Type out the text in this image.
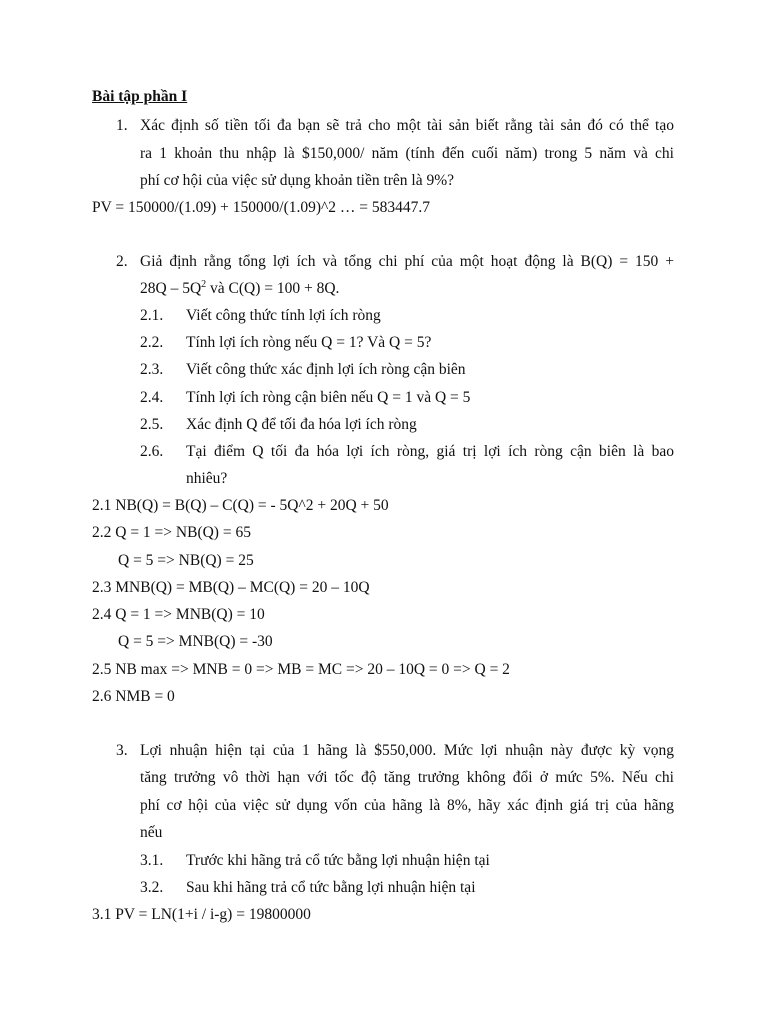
Bài tập phần I
1. Xác định số tiền tối đa bạn sẽ trả cho một tài sản biết rằng tài sản đó có thể tạo
ra 1 khoản thu nhập là $150,000/ năm (tính đến cuối năm) trong 5 năm và chi
phí cơ hội của việc sử dụng khoản tiền trên là 9%?
PV = 150000/(1.09) + 150000/(1.09)^2 … = 583447.7
2. Giả định rằng tổng lợi ích và tổng chi phí của một hoạt động là B(Q) = 150 +
$28Q - 5Q^2$ và C(Q) = 100 + 8Q.
2.1. Viết công thức tính lợi ích ròng
2.2. Tính lợi ích ròng nếu Q = 1? Và Q = 5?
2.3. Viết công thức xác định lợi ích ròng cận biên
2.4. Tính lợi ích ròng cận biên nếu Q = 1 và Q = 5
2.5. Xác định Q để tối đa hóa lợi ích ròng
2.6. Tại điểm Q tối đa hóa lợi ích ròng, giá trị lợi ích ròng cận biên là bao
nhiêu?
2.1 NB(Q) = B(Q) – C(Q) = - 5Q^2 + 20Q + 50
2.2 Q = 1 => NB(Q) = 65
Q = 5 => NB(Q) = 25
2.3 MNB(Q) = MB(Q) – MC(Q) = 20 – 10Q
2.4 Q = 1 => MNB(Q) = 10
Q = 5 => MNB(Q) = -30
2.5 NB max => MNB = 0 => MB = MC => 20 – 10Q = 0 => Q = 2
2.6 NMB = 0
3. Lợi nhuận hiện tại của 1 hãng là $550,000. Mức lợi nhuận này được kỳ vọng
tăng trưởng vô thời hạn với tốc độ tăng trưởng không đổi ở mức 5%. Nếu chi
phí cơ hội của việc sử dụng vốn của hãng là 8%, hãy xác định giá trị của hãng
nếu
3.1. Trước khi hãng trả cổ tức bằng lợi nhuận hiện tại
3.2. Sau khi hãng trả cổ tức bằng lợi nhuận hiện tại
3.1 PV = LN(1+i / i-g) = 19800000
